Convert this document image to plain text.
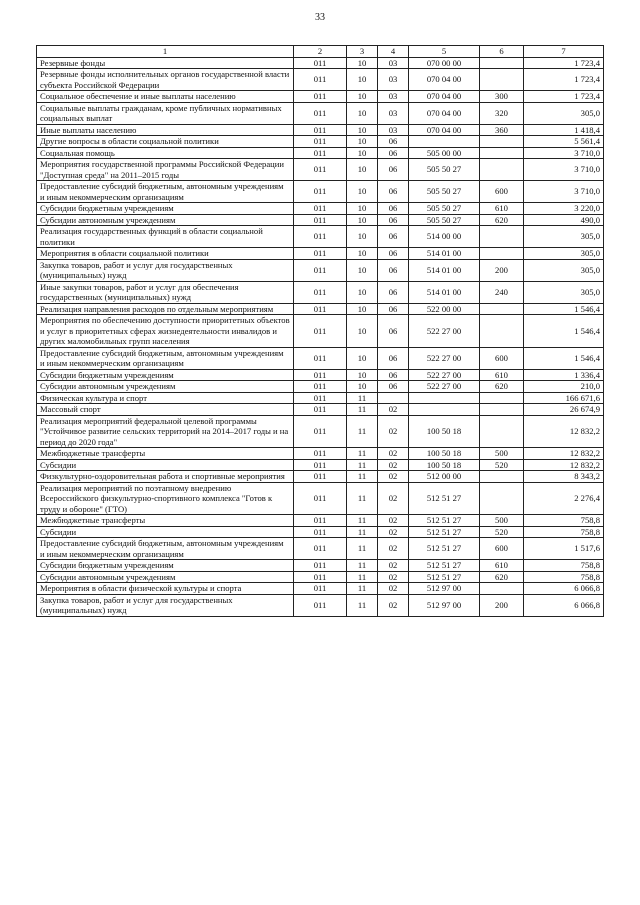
33
1	2	3	4	5	6	7
Резервные фонды	011	10	03	070 00 00		1 723,4
Резервные фонды исполнительных органов государственной власти субъекта Российской Федерации	011	10	03	070 04 00		1 723,4
Социальное обеспечение и иные выплаты населению	011	10	03	070 04 00	300	1 723,4
Социальные выплаты гражданам, кроме публичных нормативных социальных выплат	011	10	03	070 04 00	320	305,0
Иные выплаты населению	011	10	03	070 04 00	360	1 418,4
Другие вопросы в области социальной политики	011	10	06			5 561,4
Социальная помощь	011	10	06	505 00 00		3 710,0
Мероприятия государственной программы Российской Федерации "Доступная среда" на 2011–2015 годы	011	10	06	505 50 27		3 710,0
Предоставление субсидий бюджетным, автономным учреждениям и иным некоммерческим организациям	011	10	06	505 50 27	600	3 710,0
Субсидии бюджетным учреждениям	011	10	06	505 50 27	610	3 220,0
Субсидии автономным учреждениям	011	10	06	505 50 27	620	490,0
Реализация государственных функций в области социальной политики	011	10	06	514 00 00		305,0
Мероприятия в области социальной политики	011	10	06	514 01 00		305,0
Закупка товаров, работ и услуг для государственных (муниципальных) нужд	011	10	06	514 01 00	200	305,0
Иные закупки товаров, работ и услуг для обеспечения государственных (муниципальных) нужд	011	10	06	514 01 00	240	305,0
Реализация направления расходов по отдельным мероприятиям	011	10	06	522 00 00		1 546,4
Мероприятия по обеспечению доступности приоритетных объектов и услуг в приоритетных сферах жизнедеятельности инвалидов и других маломобильных групп населения	011	10	06	522 27 00		1 546,4
Предоставление субсидий бюджетным, автономным учреждениям и иным некоммерческим организациям	011	10	06	522 27 00	600	1 546,4
Субсидии бюджетным учреждениям	011	10	06	522 27 00	610	1 336,4
Субсидии автономным учреждениям	011	10	06	522 27 00	620	210,0
Физическая культура и спорт	011	11				166 671,6
Массовый спорт	011	11	02			26 674,9
Реализация мероприятий федеральной целевой программы "Устойчивое развитие сельских территорий на 2014–2017 годы и на период до 2020 года"	011	11	02	100 50 18		12 832,2
Межбюджетные трансферты	011	11	02	100 50 18	500	12 832,2
Субсидии	011	11	02	100 50 18	520	12 832,2
Физкультурно-оздоровительная работа и спортивные мероприятия	011	11	02	512 00 00		8 343,2
Реализация мероприятий по поэтапному внедрению Всероссийского физкультурно-спортивного комплекса "Готов к труду и обороне" (ГТО)	011	11	02	512 51 27		2 276,4
Межбюджетные трансферты	011	11	02	512 51 27	500	758,8
Субсидии	011	11	02	512 51 27	520	758,8
Предоставление субсидий бюджетным, автономным учреждениям и иным некоммерческим организациям	011	11	02	512 51 27	600	1 517,6
Субсидии бюджетным учреждениям	011	11	02	512 51 27	610	758,8
Субсидии автономным учреждениям	011	11	02	512 51 27	620	758,8
Мероприятия в области физической культуры и спорта	011	11	02	512 97 00		6 066,8
Закупка товаров, работ и услуг для государственных (муниципальных) нужд	011	11	02	512 97 00	200	6 066,8
